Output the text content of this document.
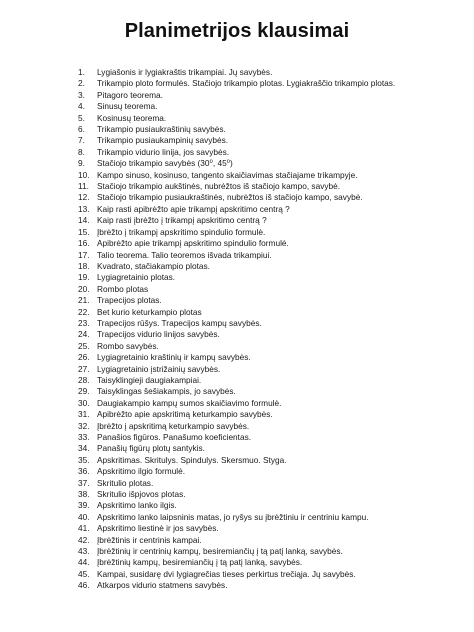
Planimetrijos klausimai
1. Lygiašonis ir lygiakraštis trikampiai. Jų savybės.
2. Trikampio ploto formulės. Stačiojo trikampio plotas. Lygiakraščio trikampio plotas.
3. Pitagoro teorema.
4. Sinusų teorema.
5. Kosinusų teorema.
6. Trikampio pusiaukraštinių savybės.
7. Trikampio pusiaukampinių savybės.
8. Trikampio vidurio linija, jos savybės.
9. Stačiojo trikampio savybės (30⁰, 45⁰)
10. Kampo sinuso, kosinuso, tangento skaičiavimas stačiajame trikampyje.
11. Stačiojo trikampio aukštinės, nubrėžtos iš stačiojo kampo, savybė.
12. Stačiojo trikampio pusiaukraštinės, nubrėžtos iš stačiojo kampo, savybė.
13. Kaip rasti apibrėžto apie trikampį apskritimo centrą ?
14. Kaip rasti įbrėžto į trikampį apskritimo centrą ?
15. Įbrėžto į trikampį apskritimo spindulio formulė.
16. Apibrėžto apie trikampį apskritimo spindulio formulė.
17. Talio teorema. Talio teoremos išvada trikampiui.
18. Kvadrato, stačiakampio plotas.
19. Lygiagretainio plotas.
20. Rombo plotas
21. Trapecijos plotas.
22. Bet kurio keturkampio plotas
23. Trapecijos rūšys. Trapecijos kampų savybės.
24. Trapecijos vidurio linijos savybės.
25. Rombo savybės.
26. Lygiagretainio kraštinių ir kampų savybės.
27. Lygiagretainio įstrižainių savybės.
28. Taisyklingieji daugiakampiai.
29. Taisyklingas šešiakampis, jo savybės.
30. Daugiakampio kampų sumos skaičiavimo formulė.
31. Apibrėžto apie apskritimą keturkampio savybės.
32. Įbrėžto į apskritimą keturkampio savybės.
33. Panašios figūros. Panašumo koeficientas.
34. Panašių figūrų plotų santykis.
35. Apskritimas. Skritulys. Spindulys. Skersmuo. Styga.
36. Apskritimo ilgio formulė.
37. Skritulio plotas.
38. Skritulio išpjovos plotas.
39. Apskritimo lanko ilgis.
40. Apskritimo lanko laipsninis matas, jo ryšys su įbrėžtiniu ir centriniu kampu.
41. Apskritimo liestinė ir jos savybės.
42. Įbrėžtinis ir centrinis kampai.
43. Įbrėžtinių ir centrinių kampų, besiremiančių į tą patį lanką, savybės.
44. Įbrėžtinių kampų, besiremiančių į tą patį lanką, savybės.
45. Kampai, susidarę dvi lygiagrečias tieses perkirtus trečiąja. Jų savybės.
46. Atkarpos vidurio statmens savybės.
